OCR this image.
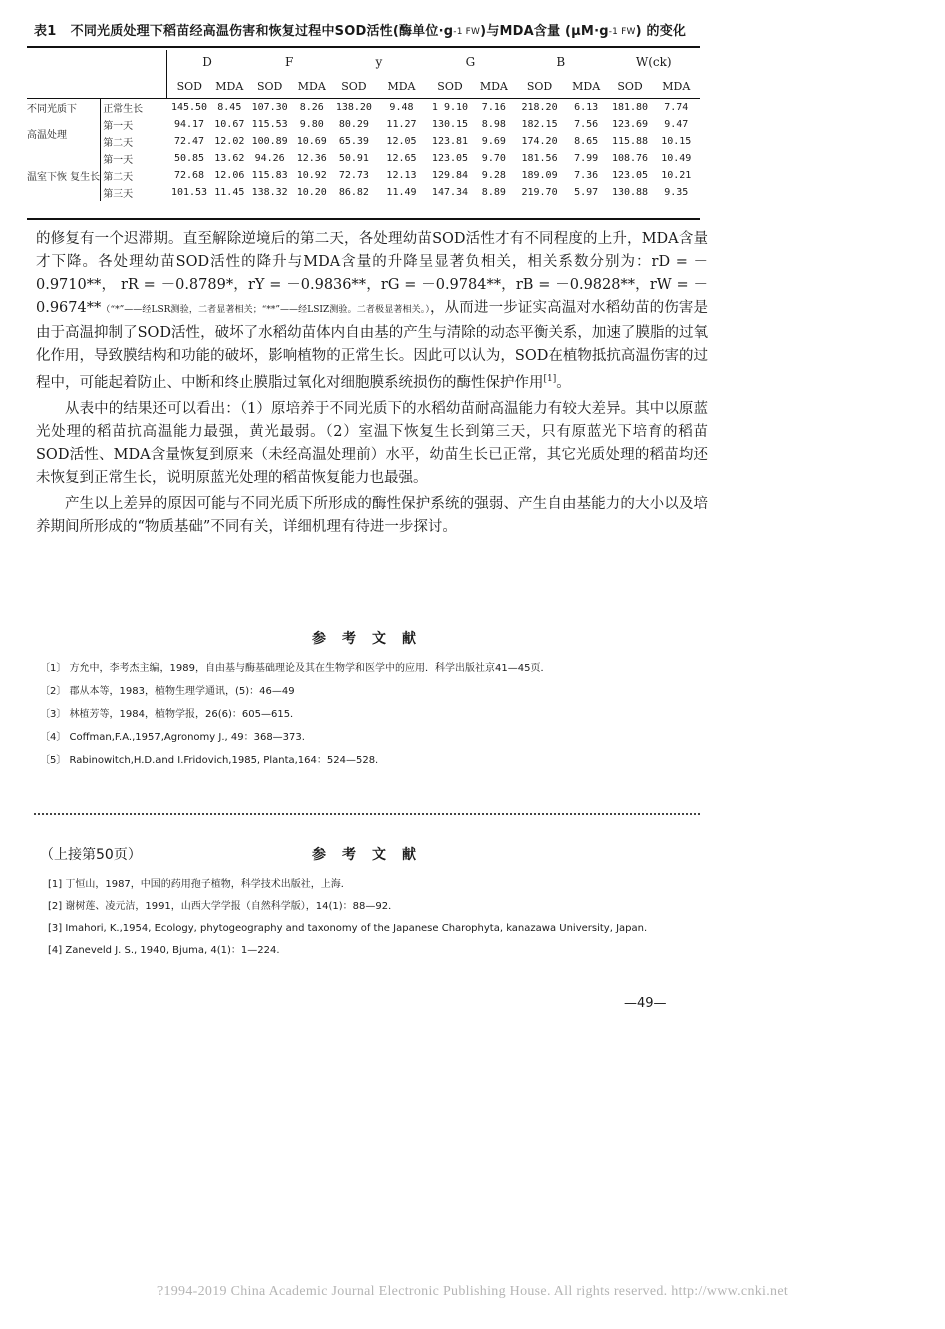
表1 不同光质处理下稻苗经高温伤害和恢复过程中SOD活性(酶单位·g-1 FW)与MDA含量 (μM·g-1 FW) 的变化
		D		F		y		G		B		W(ck)	
		SOD	MDA	SOD	MDA	SOD	MDA	SOD	MDA	SOD	MDA	SOD	MDA
不同光质下	正常生长	145.50	8.45	107.30	8.26	138.20	9.48	1 9.10	7.16	218.20	6.13	181.80	7.74
高温处理	第一天	94.17	10.67	115.53	9.80	80.29	11.27	130.15	8.98	182.15	7.56	123.69	9.47
	第二天	72.47	12.02	100.89	10.69	65.39	12.05	123.81	9.69	174.20	8.65	115.88	10.15
温室下恢 复生长	第一天	50.85	13.62	94.26	12.36	50.91	12.65	123.05	9.70	181.56	7.99	108.76	10.49
	第二天	72.68	12.06	115.83	10.92	72.73	12.13	129.84	9.28	189.09	7.36	123.05	10.21
	第三天	101.53	11.45	138.32	10.20	86.82	11.49	147.34	8.89	219.70	5.97	130.88	9.35

的修复有一个迟滞期。直至解除逆境后的第二天，各处理幼苗SOD活性才有不同程度的上升，MDA含量才下降。各处理幼苗SOD活性的降升与MDA含量的升降呈显著负相关，相关系数分别为：rD = －0.9710**， rR = －0.8789*，rY = －0.9836**，rG = －0.9784**，rB = －0.9828**，rW = －0.9674**（“*”——经LSR测验，二者显著相关；“**”——经LSIZ测验。二者极显著相关。），从而进一步证实高温对水稻幼苗的伤害是由于高温抑制了SOD活性，破坏了水稻幼苗体内自由基的产生与清除的动态平衡关系，加速了膜脂的过氧化作用，导致膜结构和功能的破坏，影响植物的正常生长。因此可以认为，SOD在植物抵抗高温伤害的过程中，可能起着防止、中断和终止膜脂过氧化对细胞膜系统损伤的酶性保护作用[1]。

从表中的结果还可以看出：（1）原培养于不同光质下的水稻幼苗耐高温能力有较大差异。其中以原蓝光处理的稻苗抗高温能力最强，黄光最弱。（2）室温下恢复生长到第三天，只有原蓝光下培育的稻苗SOD活性、MDA含量恢复到原来（未经高温处理前）水平，幼苗生长已正常，其它光质处理的稻苗均还未恢复到正常生长，说明原蓝光处理的稻苗恢复能力也最强。

产生以上差异的原因可能与不同光质下所形成的酶性保护系统的强弱、产生自由基能力的大小以及培养期间所形成的“物质基础”不同有关，详细机理有待进一步探讨。

参考文献
〔1〕 方允中，李考杰主编，1989，自由基与酶基础理论及其在生物学和医学中的应用．科学出版社京41—45页．
〔2〕 郡从本等，1983，植物生理学通讯，(5)：46—49
〔3〕 林植芳等，1984，植物学报，26(6)：605—615．
〔4〕 Coffman,F.A.,1957,Agronomy J., 49：368—373.
〔5〕 Rabinowitch,H.D.and I.Fridovich,1985, Planta,164：524—528.
（上接第50页）	参考文献
[1] 丁恒山，1987，中国的药用孢子植物，科学技术出版社，上海．
[2] 谢树莲、凌元洁，1991，山西大学学报（自然科学版），14(1)：88—92．
[3] Imahori, K.,1954, Ecology, phytogeography and taxonomy of the Japanese Charophyta, kanazawa University, Japan.
[4] Zaneveld J. S., 1940, Bjuma, 4(1)：1—224.
—49—
?1994-2019 China Academic Journal Electronic Publishing House. All rights reserved. http://www.cnki.net
